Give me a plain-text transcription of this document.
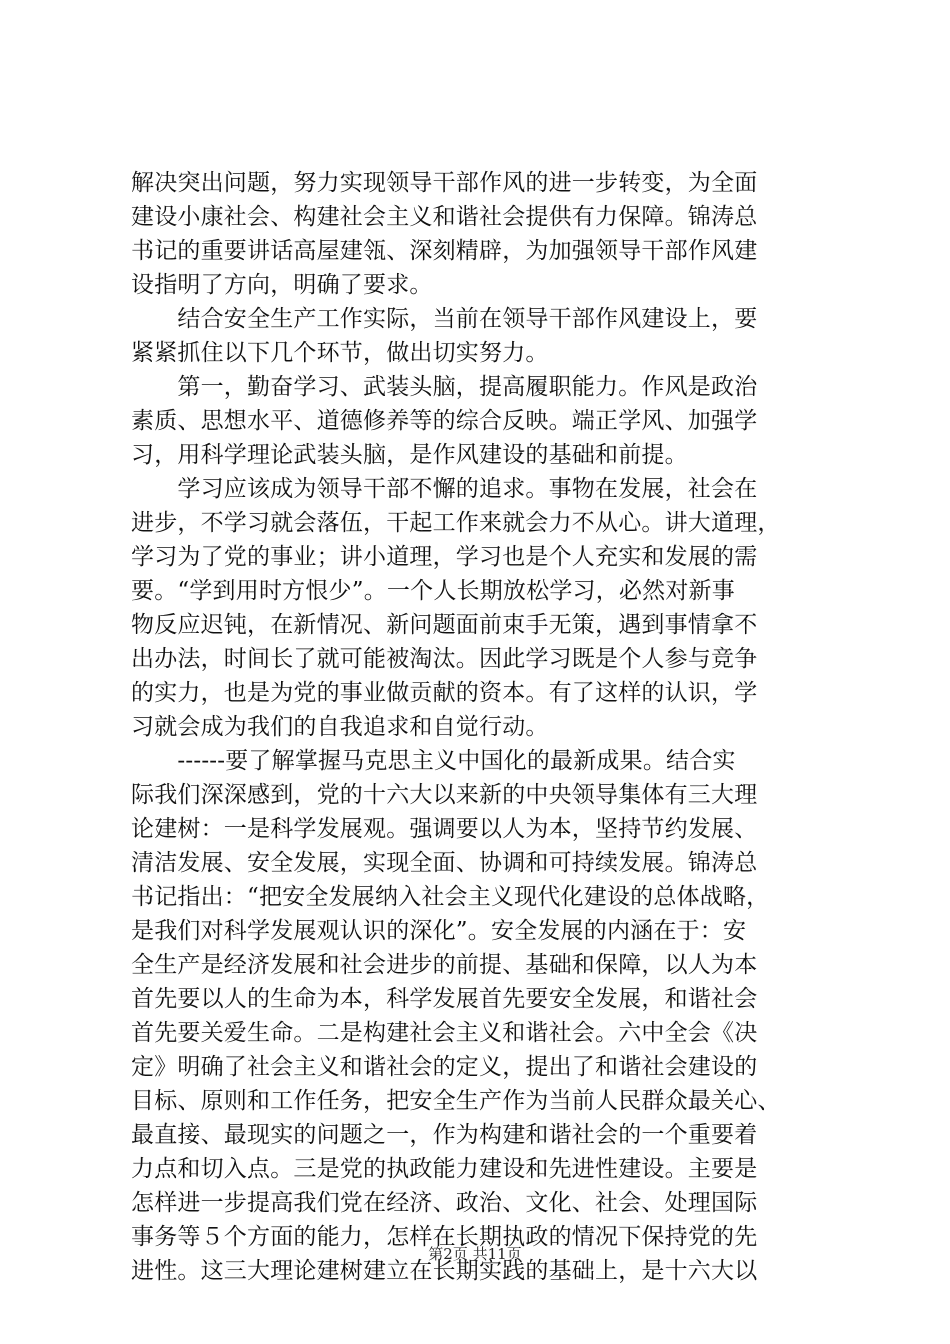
解决突出问题，努力实现领导干部作风的进一步转变，为全面
建设小康社会、构建社会主义和谐社会提供有力保障。锦涛总
书记的重要讲话高屋建瓴、深刻精辟，为加强领导干部作风建
设指明了方向，明确了要求。
　　结合安全生产工作实际，当前在领导干部作风建设上，要
紧紧抓住以下几个环节，做出切实努力。
　　第一，勤奋学习、武装头脑，提高履职能力。作风是政治
素质、思想水平、道德修养等的综合反映。端正学风、加强学
习，用科学理论武装头脑，是作风建设的基础和前提。
　　学习应该成为领导干部不懈的追求。事物在发展，社会在
进步，不学习就会落伍，干起工作来就会力不从心。讲大道理，
学习为了党的事业；讲小道理，学习也是个人充实和发展的需
要。“学到用时方恨少”。一个人长期放松学习，必然对新事
物反应迟钝，在新情况、新问题面前束手无策，遇到事情拿不
出办法，时间长了就可能被淘汰。因此学习既是个人参与竞争
的实力，也是为党的事业做贡献的资本。有了这样的认识，学
习就会成为我们的自我追求和自觉行动。
　　------要了解掌握马克思主义中国化的最新成果。结合实
际我们深深感到，党的十六大以来新的中央领导集体有三大理
论建树：一是科学发展观。强调要以人为本，坚持节约发展、
清洁发展、安全发展，实现全面、协调和可持续发展。锦涛总
书记指出：“把安全发展纳入社会主义现代化建设的总体战略，
是我们对科学发展观认识的深化”。安全发展的内涵在于：安
全生产是经济发展和社会进步的前提、基础和保障，以人为本
首先要以人的生命为本，科学发展首先要安全发展，和谐社会
首先要关爱生命。二是构建社会主义和谐社会。六中全会《决
定》明确了社会主义和谐社会的定义，提出了和谐社会建设的
目标、原则和工作任务，把安全生产作为当前人民群众最关心、
最直接、最现实的问题之一，作为构建和谐社会的一个重要着
力点和切入点。三是党的执政能力建设和先进性建设。主要是
怎样进一步提高我们党在经济、政治、文化、社会、处理国际
事务等５个方面的能力，怎样在长期执政的情况下保持党的先
进性。这三大理论建树建立在长期实践的基础上，是十六大以
第2页 共11页
